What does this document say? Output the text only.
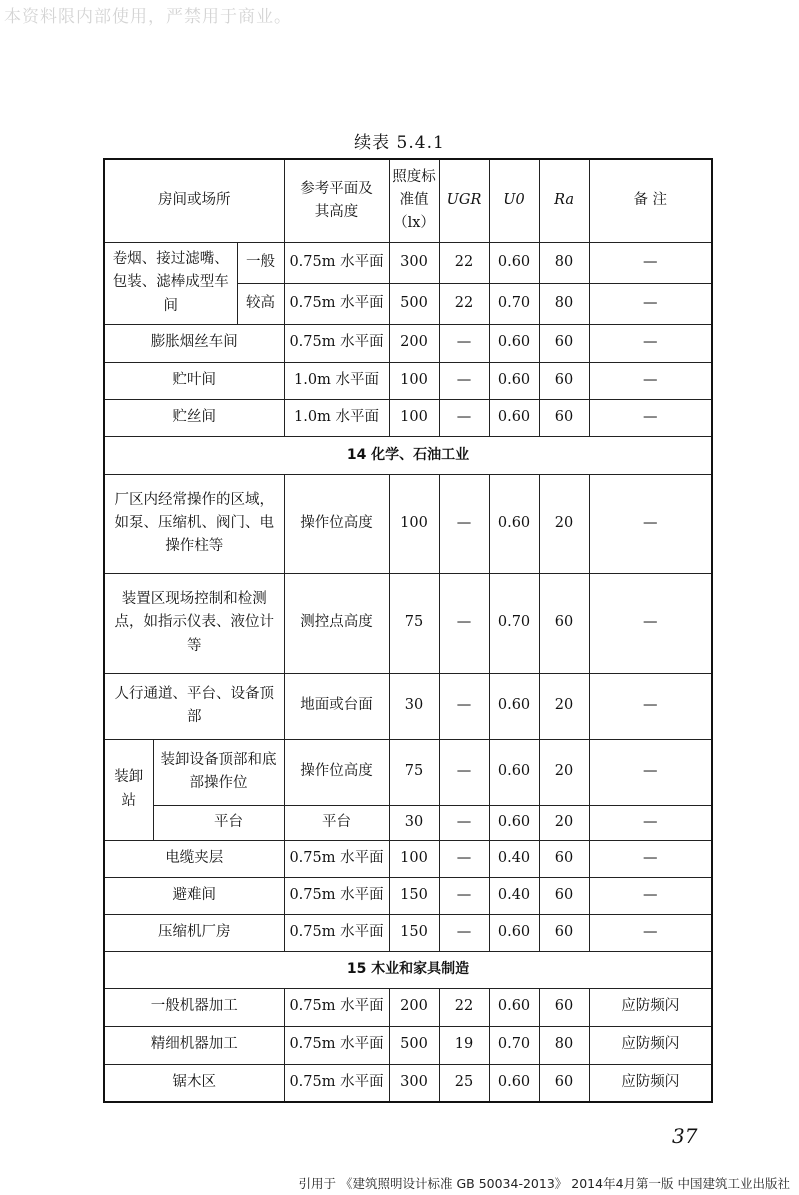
本资料限内部使用，严禁用于商业。
续表 5.4.1
房间或场所			参考平面及其高度	照度标准值（lx）	UGR	U0	Ra	备 注
卷烟、接过滤嘴、包装、滤棒成型车间		一般	0.75m 水平面	300	22	0.60	80	—
		较高	0.75m 水平面	500	22	0.70	80	—
膨胀烟丝车间			0.75m 水平面	200	—	0.60	60	—
贮叶间			1.0m 水平面	100	—	0.60	60	—
贮丝间			1.0m 水平面	100	—	0.60	60	—
14 化学、石油工业								
厂区内经常操作的区域，如泵、压缩机、阀门、电操作柱等			操作位高度	100	—	0.60	20	—
装置区现场控制和检测点，如指示仪表、液位计等			测控点高度	75	—	0.70	60	—
人行通道、平台、设备顶部			地面或台面	30	—	0.60	20	—
装卸站	装卸设备顶部和底部操作位		操作位高度	75	—	0.60	20	—
	平台		平台	30	—	0.60	20	—
电缆夹层			0.75m 水平面	100	—	0.40	60	—
避难间			0.75m 水平面	150	—	0.40	60	—
压缩机厂房			0.75m 水平面	150	—	0.60	60	—
15 木业和家具制造								
一般机器加工			0.75m 水平面	200	22	0.60	60	应防频闪
精细机器加工			0.75m 水平面	500	19	0.70	80	应防频闪
锯木区			0.75m 水平面	300	25	0.60	60	应防频闪
37
引用于 《建筑照明设计标准 GB 50034-2013》 2014年4月第一版 中国建筑工业出版社
